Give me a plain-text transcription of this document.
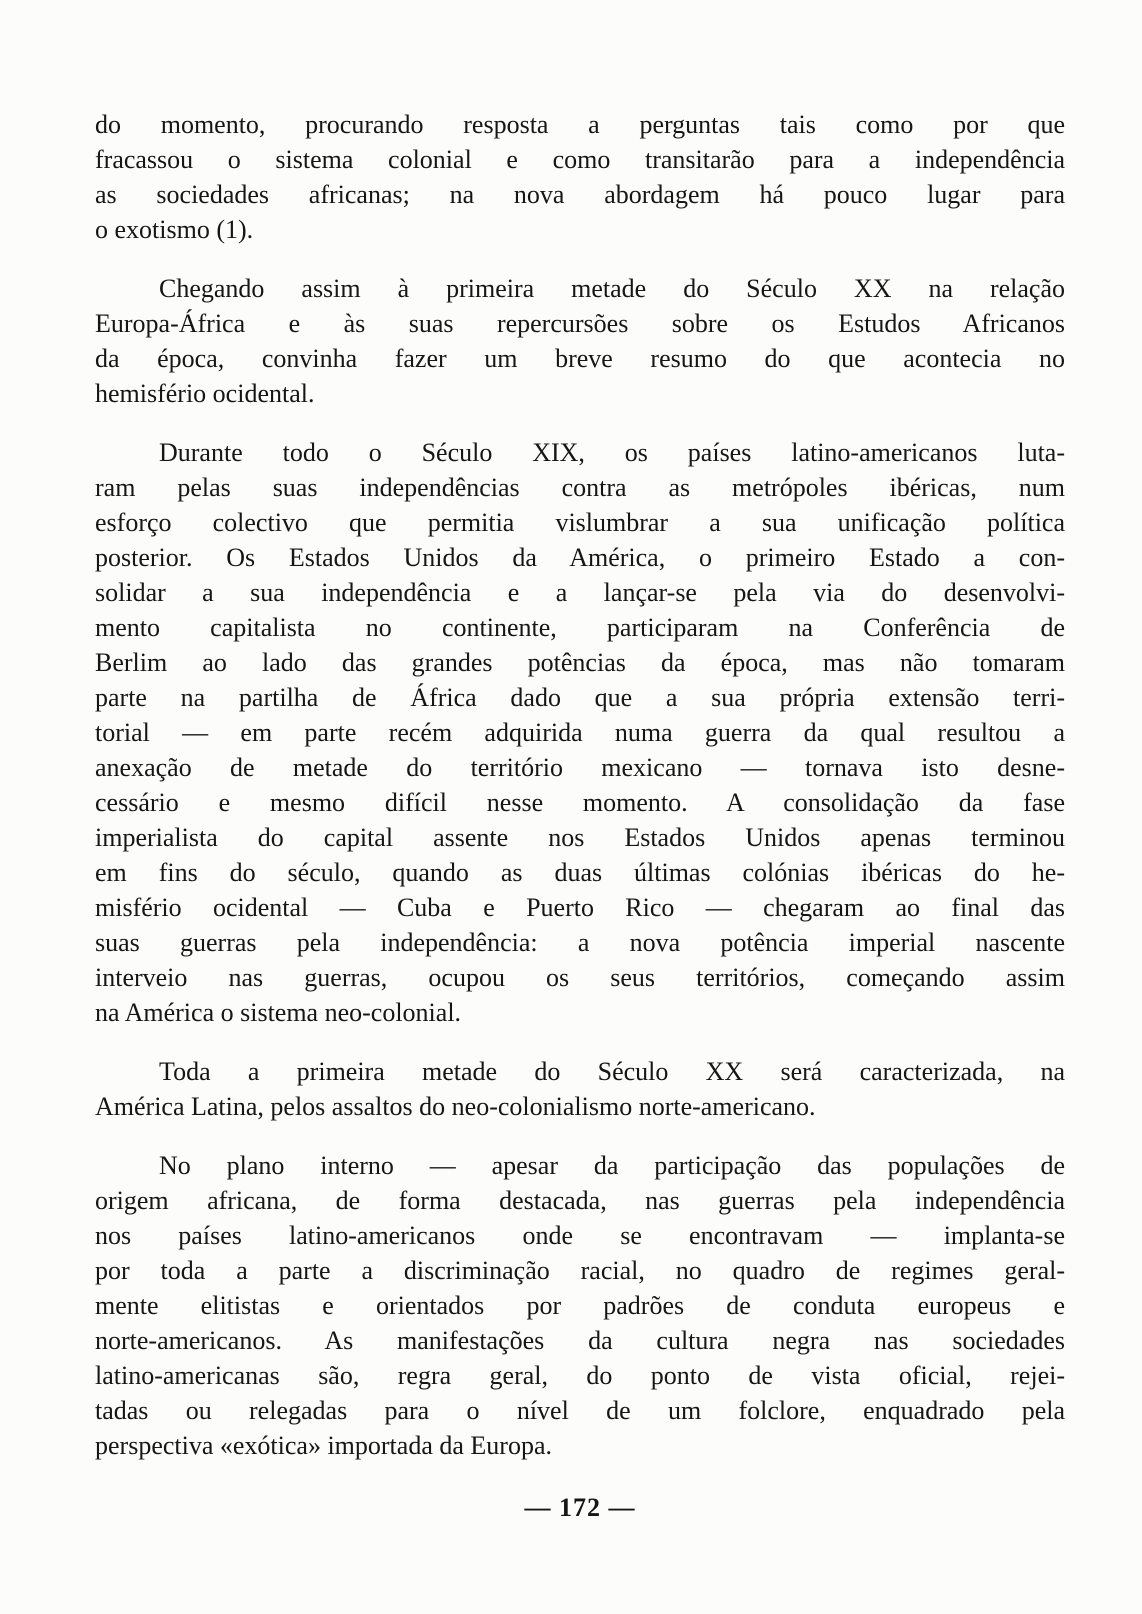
do momento, procurando resposta a perguntas tais como por que
fracassou o sistema colonial e como transitarão para a independência
as sociedades africanas; na nova abordagem há pouco lugar para
o exotismo (1).
Chegando assim à primeira metade do Século XX na relação
Europa-África e às suas repercursões sobre os Estudos Africanos
da época, convinha fazer um breve resumo do que acontecia no
hemisfério ocidental.
Durante todo o Século XIX, os países latino-americanos luta-
ram pelas suas independências contra as metrópoles ibéricas, num
esforço colectivo que permitia vislumbrar a sua unificação política
posterior. Os Estados Unidos da América, o primeiro Estado a con-
solidar a sua independência e a lançar-se pela via do desenvolvi-
mento capitalista no continente, participaram na Conferência de
Berlim ao lado das grandes potências da época, mas não tomaram
parte na partilha de África dado que a sua própria extensão terri-
torial — em parte recém adquirida numa guerra da qual resultou a
anexação de metade do território mexicano — tornava isto desne-
cessário e mesmo difícil nesse momento. A consolidação da fase
imperialista do capital assente nos Estados Unidos apenas terminou
em fins do século, quando as duas últimas colónias ibéricas do he-
misfério ocidental — Cuba e Puerto Rico — chegaram ao final das
suas guerras pela independência: a nova potência imperial nascente
interveio nas guerras, ocupou os seus territórios, começando assim
na América o sistema neo-colonial.
Toda a primeira metade do Século XX será caracterizada, na
América Latina, pelos assaltos do neo-colonialismo norte-americano.
No plano interno — apesar da participação das populações de
origem africana, de forma destacada, nas guerras pela independência
nos países latino-americanos onde se encontravam — implanta-se
por toda a parte a discriminação racial, no quadro de regimes geral-
mente elitistas e orientados por padrões de conduta europeus e
norte-americanos. As manifestações da cultura negra nas sociedades
latino-americanas são, regra geral, do ponto de vista oficial, rejei-
tadas ou relegadas para o nível de um folclore, enquadrado pela
perspectiva «exótica» importada da Europa.
— 172 —
